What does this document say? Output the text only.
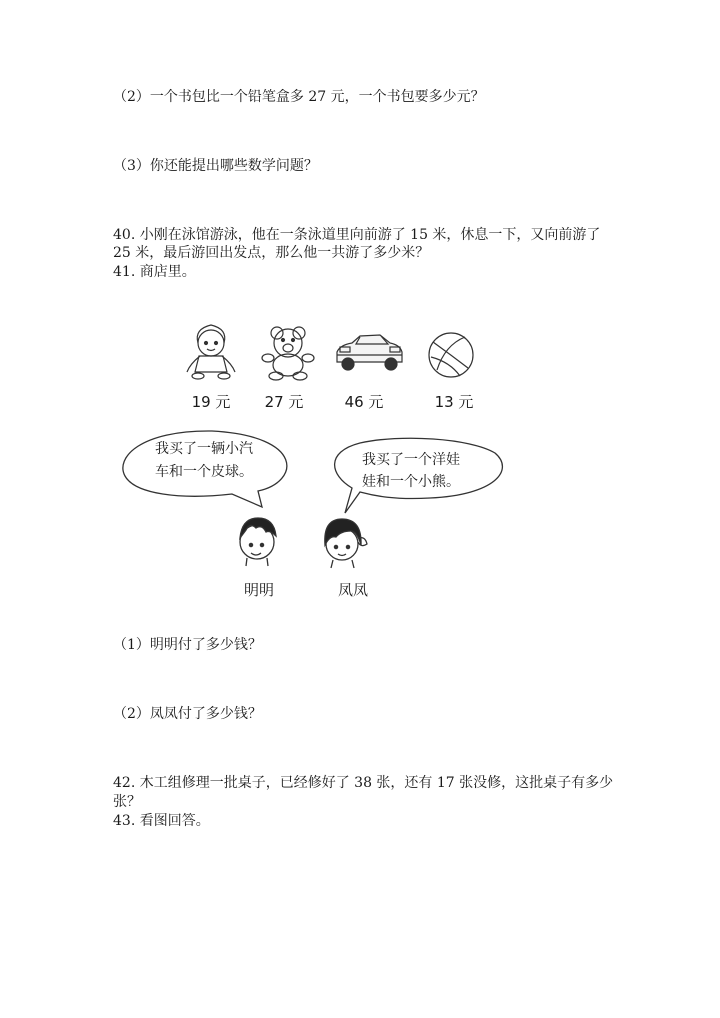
（2）一个书包比一个铅笔盒多 27 元，一个书包要多少元？
（3）你还能提出哪些数学问题？
40. 小刚在泳馆游泳，他在一条泳道里向前游了 15 米，休息一下，又向前游了
25 米，最后游回出发点，那么他一共游了多少米？
41. 商店里。
19 元 27 元	46 元	13 元
我买了一辆小汽
车和一个皮球。
我买了一个洋娃
娃和一个小熊。
明明	凤凤
（1）明明付了多少钱？
（2）凤凤付了多少钱？
42. 木工组修理一批桌子，已经修好了 38 张，还有 17 张没修，这批桌子有多少
张？
43. 看图回答。
